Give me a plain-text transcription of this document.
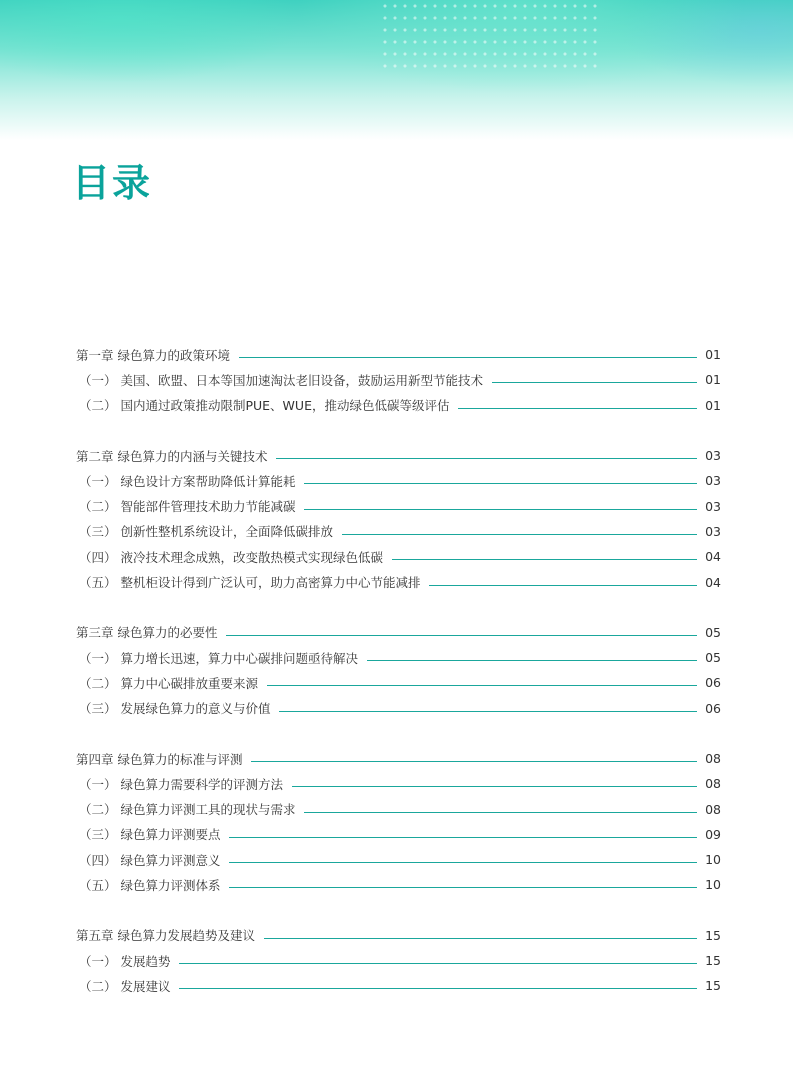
目录
第一章 绿色算力的政策环境	01
（一） 美国、欧盟、日本等国加速淘汰老旧设备，鼓励运用新型节能技术	01
（二） 国内通过政策推动限制PUE、WUE，推动绿色低碳等级评估	01
第二章 绿色算力的内涵与关键技术	03
（一） 绿色设计方案帮助降低计算能耗	03
（二） 智能部件管理技术助力节能减碳	03
（三） 创新性整机系统设计，全面降低碳排放	03
（四） 液冷技术理念成熟，改变散热模式实现绿色低碳	04
（五） 整机柜设计得到广泛认可，助力高密算力中心节能减排	04
第三章 绿色算力的必要性	05
（一） 算力增长迅速，算力中心碳排问题亟待解决	05
（二） 算力中心碳排放重要来源	06
（三） 发展绿色算力的意义与价值	06
第四章 绿色算力的标准与评测	08
（一） 绿色算力需要科学的评测方法	08
（二） 绿色算力评测工具的现状与需求	08
（三） 绿色算力评测要点	09
（四） 绿色算力评测意义	10
（五） 绿色算力评测体系	10
第五章 绿色算力发展趋势及建议	15
（一） 发展趋势	15
（二） 发展建议	15
